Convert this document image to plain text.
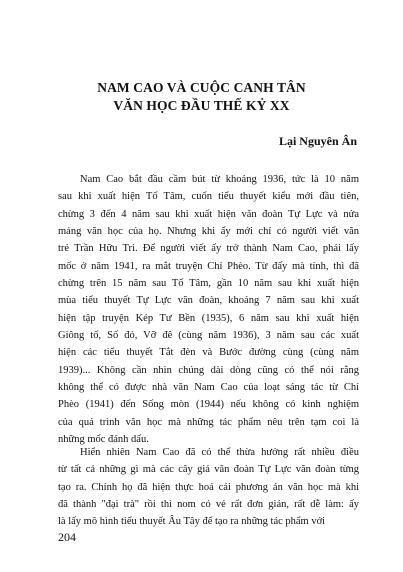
NAM CAO VÀ CUỘC CANH TÂN
VĂN HỌC ĐẦU THẾ KỶ XX
Lại Nguyên Ân
Nam Cao bắt đầu cầm bút từ khoảng 1936, tức là 10 năm
sau khi xuất hiện Tố Tâm, cuốn tiểu thuyết kiểu mới đầu tiên,
chừng 3 đến 4 năm sau khi xuất hiện văn đoàn Tự Lực và nửa
mảng văn học của họ. Nhưng khi ấy mới chỉ có người viết văn
trẻ Trần Hữu Tri. Để người viết ấy trở thành Nam Cao, phải lấy
mốc ở năm 1941, ra mắt truyện Chí Phèo. Từ đấy mà tính, thì đã
chừng trên 15 năm sau Tố Tâm, gần 10 năm sau khi xuất hiện
mùa tiểu thuyết Tự Lực văn đoàn, khoảng 7 năm sau khi xuất
hiện tập truyện Kép Tư Bền (1935), 6 năm sau khi xuất hiện
Giông tố, Số đỏ, Vỡ đê (cùng năm 1936), 3 năm sau các xuất
hiện các tiểu thuyết Tắt đèn và Bước đường cùng (cùng năm
1939)... Không cần nhìn chúng dài dòng cũng có thể nói rằng
không thể có được nhà văn Nam Cao của loạt sáng tác từ Chí
Phèo (1941) đến Sống mòn (1944) nếu không có kinh nghiệm
của quá trình văn học mà những tác phẩm nêu trên tạm coi là
những mốc đánh dấu.
Hiển nhiên Nam Cao đã có thể thừa hưởng rất nhiều điều
từ tất cả những gì mà các cây giả văn đoàn Tự Lực văn đoàn từng
tạo ra. Chính họ đã hiện thực hoá cái phương án văn học mà khi
đã thành "đại trà" rồi thì nom có vẻ rất đơn giản, rất dễ làm: ấy
là lấy mô hình tiểu thuyết Âu Tây để tạo ra những tác phẩm với
204
